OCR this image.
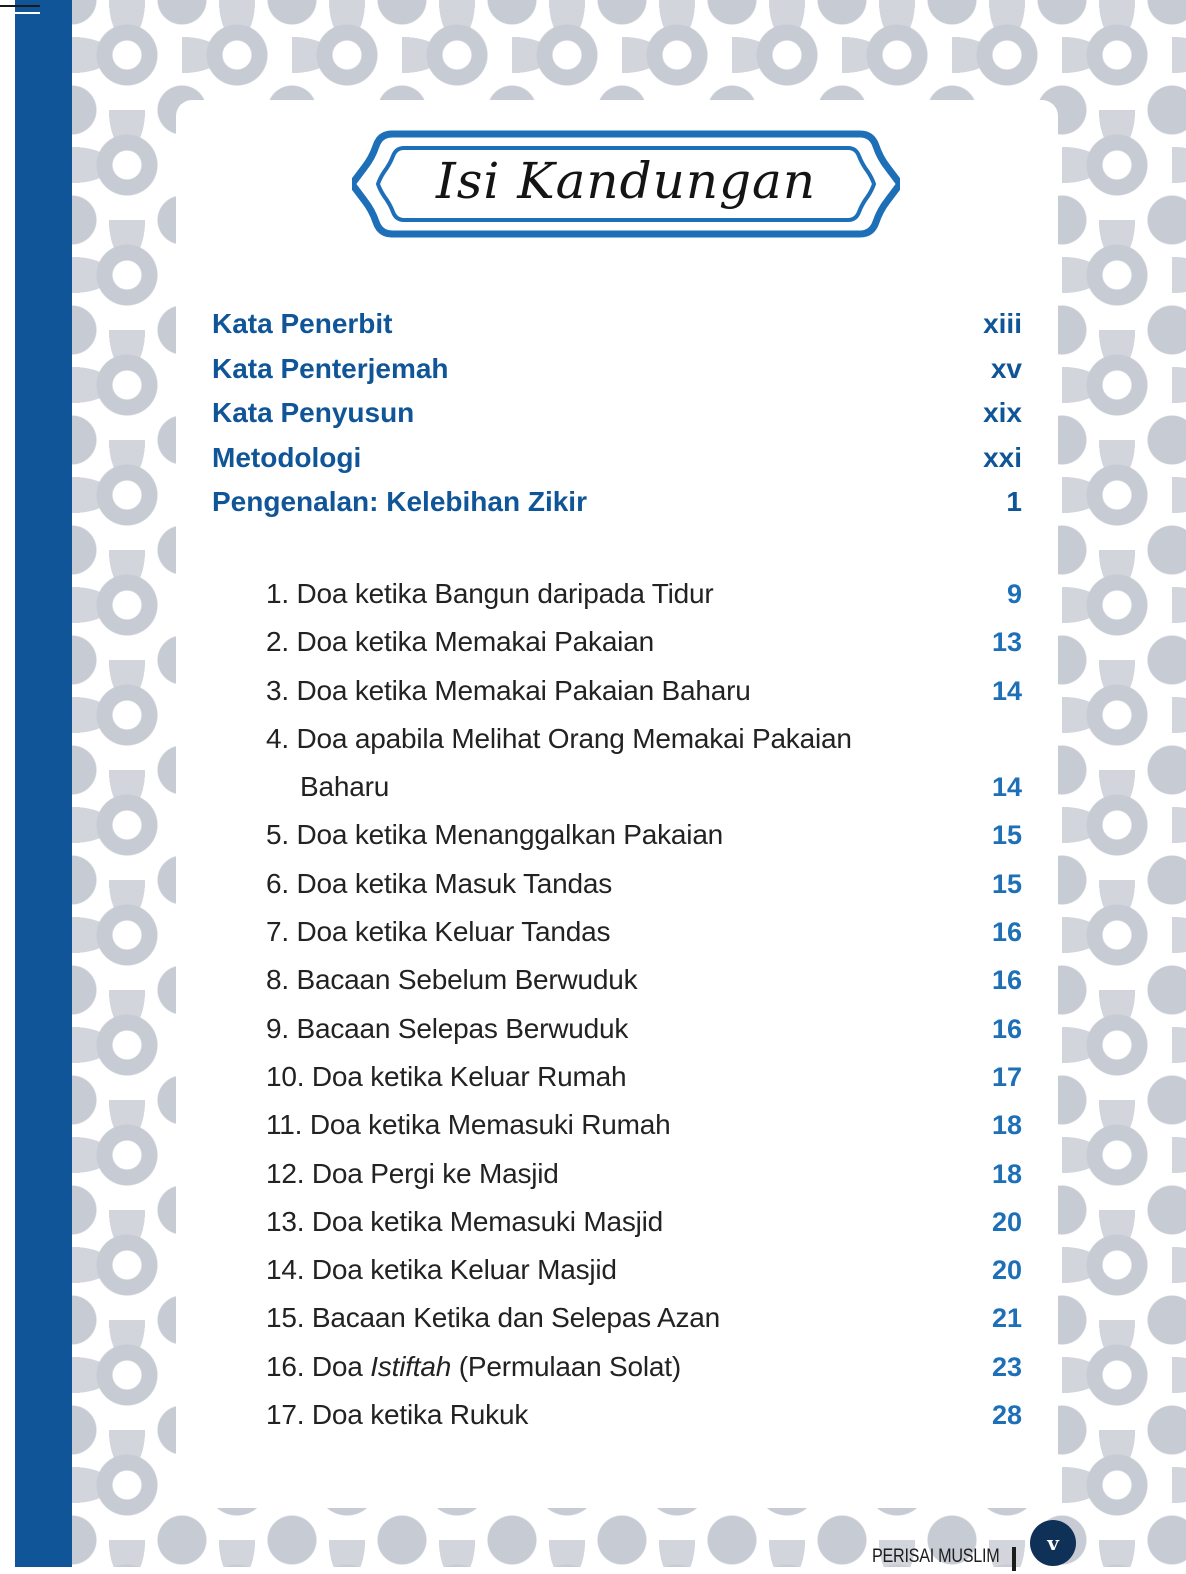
Isi Kandungan
Kata Penerbit	xiii
Kata Penterjemah	xv
Kata Penyusun	xix
Metodologi	xxi
Pengenalan: Kelebihan Zikir	1
1. Doa ketika Bangun daripada Tidur	9
2. Doa ketika Memakai Pakaian	13
3. Doa ketika Memakai Pakaian Baharu	14
4. Doa apabila Melihat Orang Memakai Pakaian
Baharu	14
5. Doa ketika Menanggalkan Pakaian	15
6. Doa ketika Masuk Tandas	15
7. Doa ketika Keluar Tandas	16
8. Bacaan Sebelum Berwuduk	16
9. Bacaan Selepas Berwuduk	16
10. Doa ketika Keluar Rumah	17
11. Doa ketika Memasuki Rumah	18
12. Doa Pergi ke Masjid	18
13. Doa ketika Memasuki Masjid	20
14. Doa ketika Keluar Masjid	20
15. Bacaan Ketika dan Selepas Azan	21
16. Doa Istiftah (Permulaan Solat)	23
17. Doa ketika Rukuk	28
PERISAI MUSLIM
v
